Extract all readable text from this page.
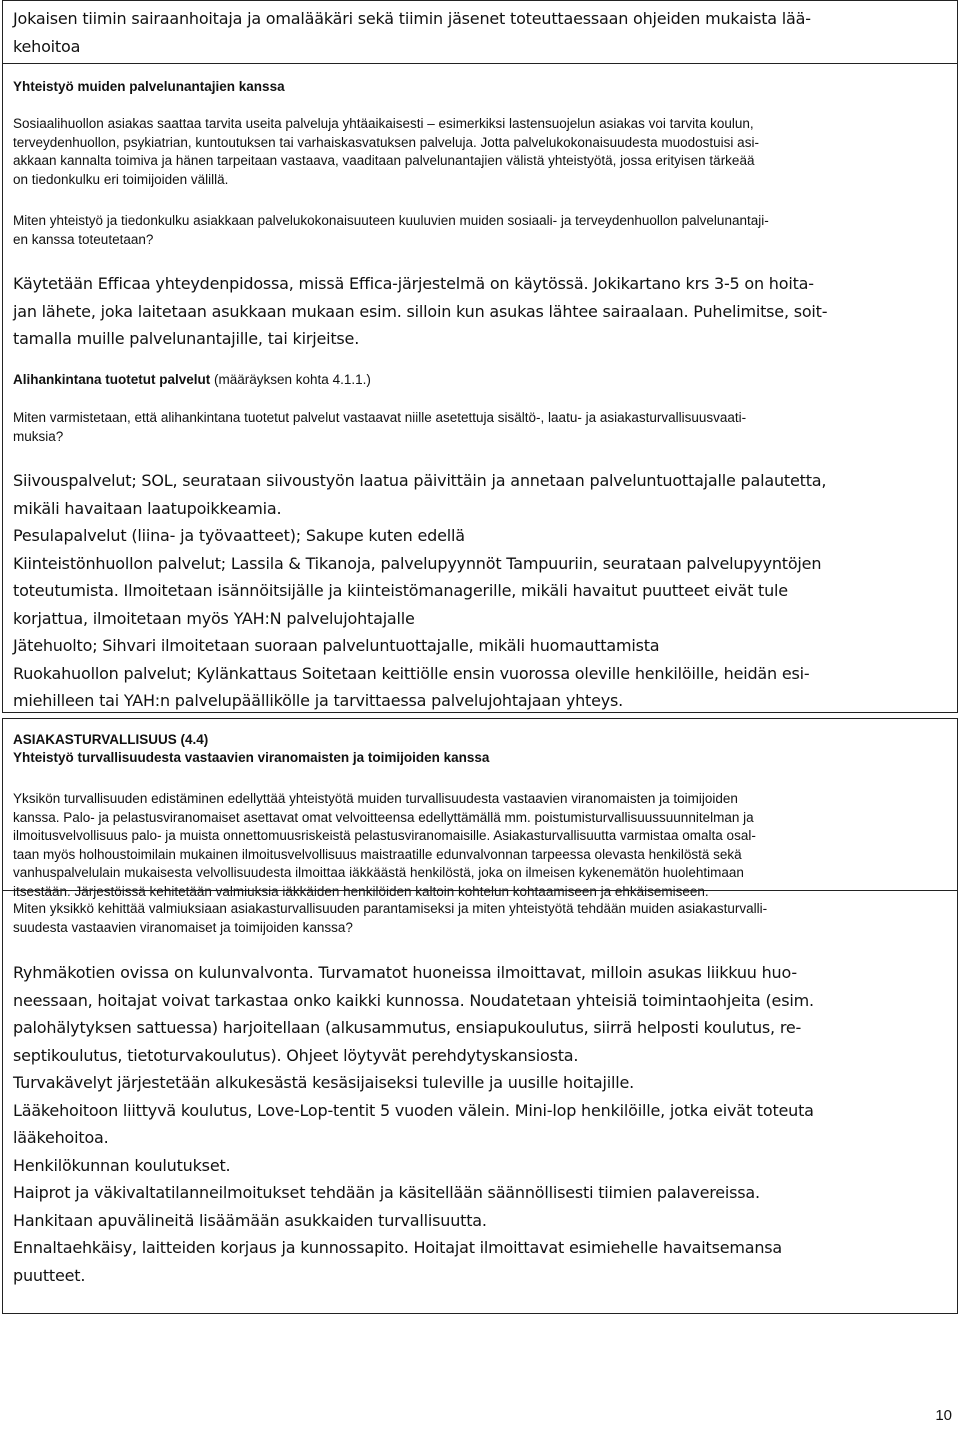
Jokaisen tiimin sairaanhoitaja ja omalääkäri sekä tiimin jäsenet toteuttaessaan ohjeiden mukaista lää-
kehoitoa

Yhteistyö muiden palvelunantajien kanssa

Sosiaalihuollon asiakas saattaa tarvita useita palveluja yhtäaikaisesti – esimerkiksi lastensuojelun asiakas voi tarvita koulun,
terveydenhuollon, psykiatrian, kuntoutuksen tai varhaiskasvatuksen palveluja. Jotta palvelukokonaisuudesta muodostuisi asi-
akkaan kannalta toimiva ja hänen tarpeitaan vastaava, vaaditaan palvelunantajien välistä yhteistyötä, jossa erityisen tärkeää
on tiedonkulku eri toimijoiden välillä.

Miten yhteistyö ja tiedonkulku asiakkaan palvelukokonaisuuteen kuuluvien muiden sosiaali- ja terveydenhuollon palvelunantaji-
en kanssa toteutetaan?

Käytetään Efficaa yhteydenpidossa, missä Effica-järjestelmä on käytössä. Jokikartano krs 3-5 on hoita-
jan lähete, joka laitetaan asukkaan mukaan esim. silloin kun asukas lähtee sairaalaan. Puhelimitse, soit-
tamalla muille palvelunantajille, tai kirjeitse.

Alihankintana tuotetut palvelut (määräyksen kohta 4.1.1.)

Miten varmistetaan, että alihankintana tuotetut palvelut vastaavat niille asetettuja sisältö-, laatu- ja asiakasturvallisuusvaati-
muksia?

Siivouspalvelut; SOL, seurataan siivoustyön laatua päivittäin ja annetaan palveluntuottajalle palautetta,
mikäli havaitaan laatupoikkeamia.
Pesulapalvelut (liina- ja työvaatteet); Sakupe kuten edellä
Kiinteistönhuollon palvelut; Lassila & Tikanoja, palvelupyynnöt Tampuuriin, seurataan palvelupyyntöjen
toteutumista. Ilmoitetaan isännöitsijälle ja kiinteistömanagerille, mikäli havaitut puutteet eivät tule
korjattua, ilmoitetaan myös YAH:N palvelujohtajalle
Jätehuolto; Sihvari ilmoitetaan suoraan palveluntuottajalle, mikäli huomauttamista
Ruokahuollon palvelut; Kylänkattaus Soitetaan keittiölle ensin vuorossa oleville henkilöille, heidän esi-
miehilleen tai YAH:n palvelupäällikölle ja tarvittaessa palvelujohtajaan yhteys.

ASIAKASTURVALLISUUS (4.4)

Yhteistyö turvallisuudesta vastaavien viranomaisten ja toimijoiden kanssa

Yksikön turvallisuuden edistäminen edellyttää yhteistyötä muiden turvallisuudesta vastaavien viranomaisten ja toimijoiden
kanssa. Palo- ja pelastusviranomaiset asettavat omat velvoitteensa edellyttämällä mm. poistumisturvallisuussuunnitelman ja
ilmoitusvelvollisuus palo- ja muista onnettomuusriskeistä pelastusviranomaisille. Asiakasturvallisuutta varmistaa omalta osal-
taan myös holhoustoimilain mukainen ilmoitusvelvollisuus maistraatille edunvalvonnan tarpeessa olevasta henkilöstä sekä
vanhuspalvelulain mukaisesta velvollisuudesta ilmoittaa iäkkäästä henkilöstä, joka on ilmeisen kykenemätön huolehtimaan
itsestään. Järjestöissä kehitetään valmiuksia iäkkäiden henkilöiden kaltoin kohtelun kohtaamiseen ja ehkäisemiseen.

Miten yksikkö kehittää valmiuksiaan asiakasturvallisuuden parantamiseksi ja miten yhteistyötä tehdään muiden asiakasturvalli-
suudesta vastaavien viranomaiset ja toimijoiden kanssa?

Ryhmäkotien ovissa on kulunvalvonta. Turvamatot huoneissa ilmoittavat, milloin asukas liikkuu huo-
neessaan, hoitajat voivat tarkastaa onko kaikki kunnossa. Noudatetaan yhteisiä toimintaohjeita (esim.
palohälytyksen sattuessa) harjoitellaan (alkusammutus, ensiapukoulutus, siirrä helposti koulutus, re-
septikoulutus, tietoturvakoulutus). Ohjeet löytyvät perehdytyskansiosta.
Turvakävelyt järjestetään alkukesästä kesäsijaiseksi tuleville ja uusille hoitajille.
Lääkehoitoon liittyvä koulutus, Love-Lop-tentit 5 vuoden välein. Mini-lop henkilöille, jotka eivät toteuta
lääkehoitoa.
Henkilökunnan koulutukset.
Haiprot ja väkivaltatilanneilmoitukset tehdään ja käsitellään säännöllisesti tiimien palavereissa.
Hankitaan apuvälineitä lisäämään asukkaiden turvallisuutta.
Ennaltaehkäisy, laitteiden korjaus ja kunnossapito. Hoitajat ilmoittavat esimiehelle havaitsemansa
puutteet.

10
